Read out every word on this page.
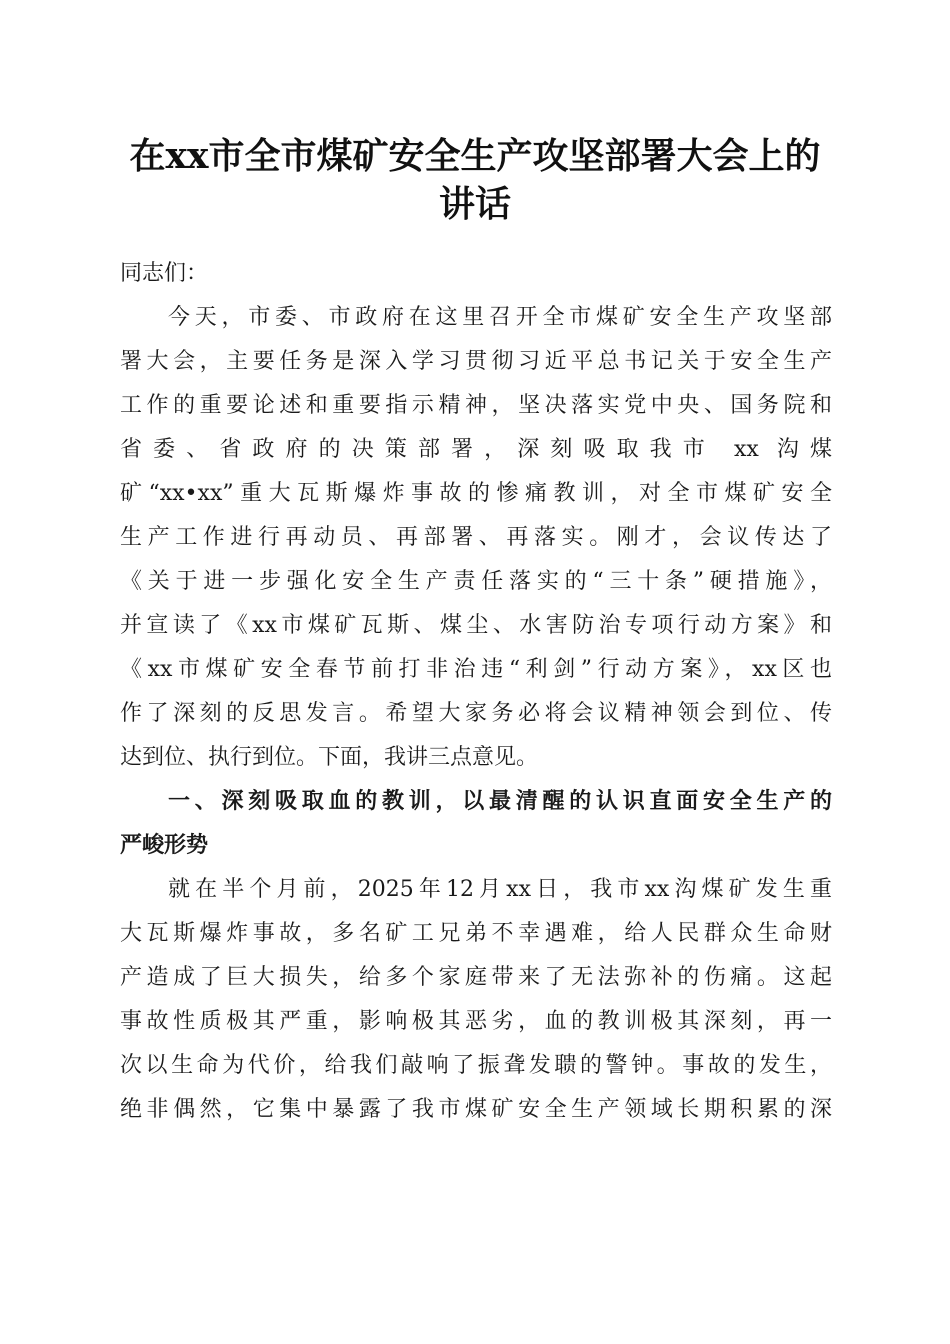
在xx市全市煤矿安全生产攻坚部署大会上的
讲话
同志们：
今天，市委、市政府在这里召开全市煤矿安全生产攻坚部
署大会，主要任务是深入学习贯彻习近平总书记关于安全生产
工作的重要论述和重要指示精神，坚决落实党中央、国务院和
省委、省政府的决策部署，深刻吸取我市 xx 沟煤
矿“xx•xx”重大瓦斯爆炸事故的惨痛教训，对全市煤矿安全
生产工作进行再动员、再部署、再落实。刚才，会议传达了
《关于进一步强化安全生产责任落实的“三十条”硬措施》，
并宣读了《xx市煤矿瓦斯、煤尘、水害防治专项行动方案》和
《xx市煤矿安全春节前打非治违“利剑”行动方案》，xx区也
作了深刻的反思发言。希望大家务必将会议精神领会到位、传
达到位、执行到位。下面，我讲三点意见。
一、深刻吸取血的教训，以最清醒的认识直面安全生产的
严峻形势
就在半个月前，2025年12月xx日，我市xx沟煤矿发生重
大瓦斯爆炸事故，多名矿工兄弟不幸遇难，给人民群众生命财
产造成了巨大损失，给多个家庭带来了无法弥补的伤痛。这起
事故性质极其严重，影响极其恶劣，血的教训极其深刻，再一
次以生命为代价，给我们敲响了振聋发聩的警钟。事故的发生，
绝非偶然，它集中暴露了我市煤矿安全生产领域长期积累的深
